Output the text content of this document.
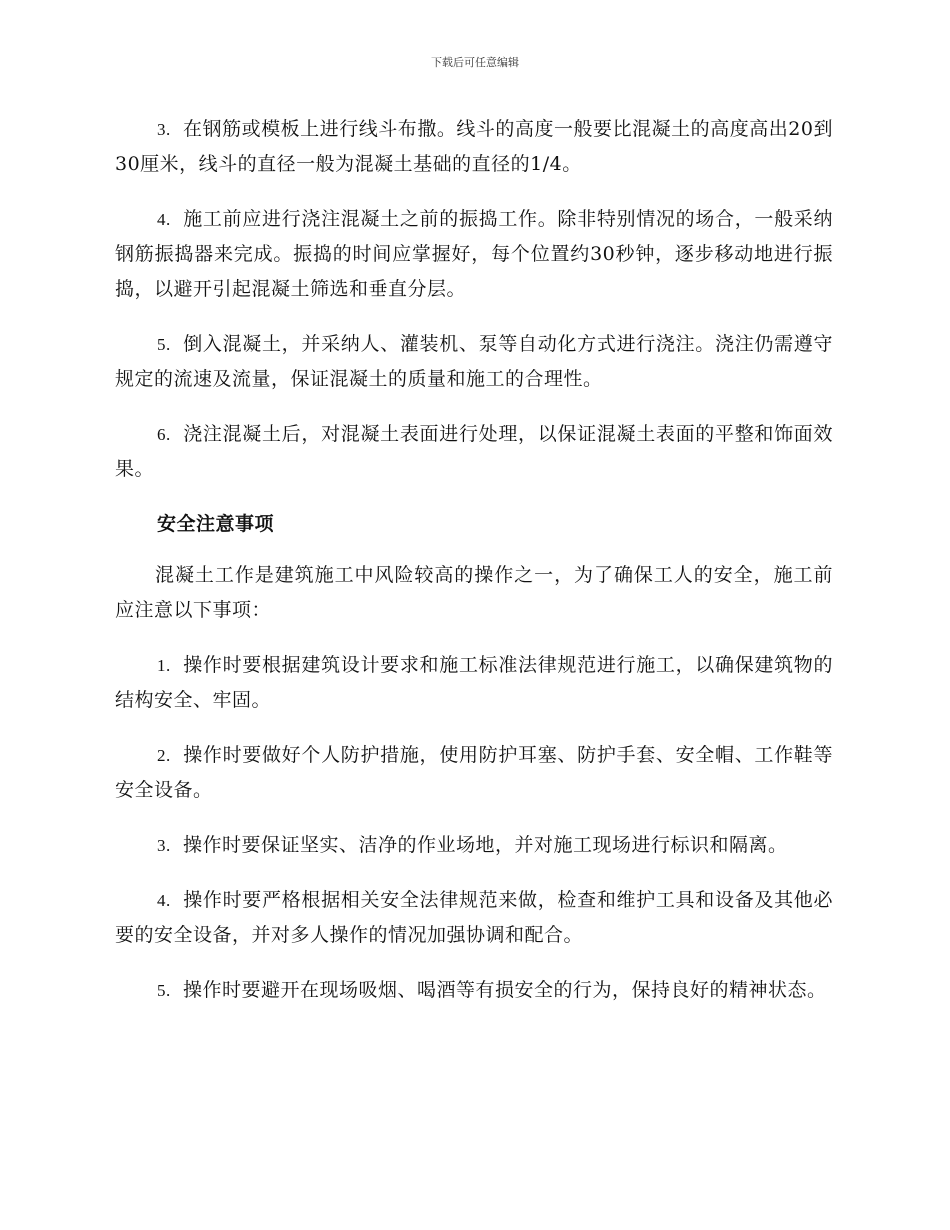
下载后可任意编辑

3. 在钢筋或模板上进行线斗布撒。线斗的高度一般要比混凝土的高度高出20到30厘米，线斗的直径一般为混凝土基础的直径的1/4。

4. 施工前应进行浇注混凝土之前的振捣工作。除非特别情况的场合，一般采纳钢筋振捣器来完成。振捣的时间应掌握好，每个位置约30秒钟，逐步移动地进行振捣，以避开引起混凝土筛选和垂直分层。

5. 倒入混凝土，并采纳人、灌装机、泵等自动化方式进行浇注。浇注仍需遵守规定的流速及流量，保证混凝土的质量和施工的合理性。

6. 浇注混凝土后，对混凝土表面进行处理，以保证混凝土表面的平整和饰面效果。

安全注意事项

混凝土工作是建筑施工中风险较高的操作之一，为了确保工人的安全，施工前应注意以下事项：

1. 操作时要根据建筑设计要求和施工标准法律规范进行施工，以确保建筑物的结构安全、牢固。

2. 操作时要做好个人防护措施，使用防护耳塞、防护手套、安全帽、工作鞋等安全设备。

3. 操作时要保证坚实、洁净的作业场地，并对施工现场进行标识和隔离。

4. 操作时要严格根据相关安全法律规范来做，检查和维护工具和设备及其他必要的安全设备，并对多人操作的情况加强协调和配合。

5. 操作时要避开在现场吸烟、喝酒等有损安全的行为，保持良好的精神状态。
